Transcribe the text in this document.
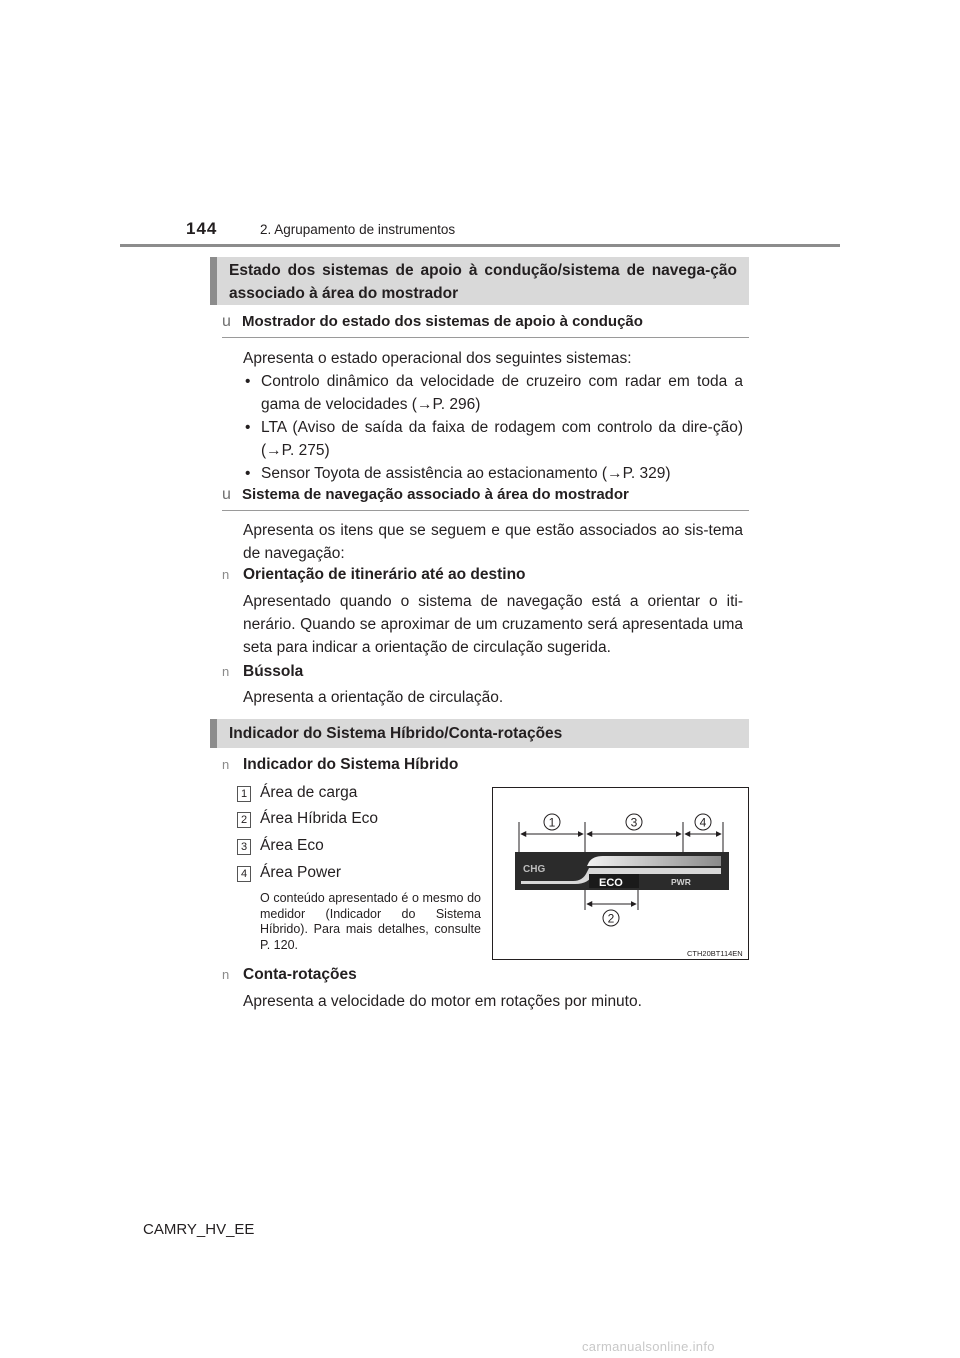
144	2. Agrupamento de instrumentos
Estado dos sistemas de apoio à condução/sistema de navega-ção associado à área do mostrador
u Mostrador do estado dos sistemas de apoio à condução
Apresenta o estado operacional dos seguintes sistemas:
• Controlo dinâmico da velocidade de cruzeiro com radar em toda a gama de velocidades (→P. 296)
• LTA (Aviso de saída da faixa de rodagem com controlo da dire-ção) (→P. 275)
• Sensor Toyota de assistência ao estacionamento (→P. 329)
u Sistema de navegação associado à área do mostrador
Apresenta os itens que se seguem e que estão associados ao sis-tema de navegação:
n Orientação de itinerário até ao destino
Apresentado quando o sistema de navegação está a orientar o iti-nerário. Quando se aproximar de um cruzamento será apresentada uma seta para indicar a orientação de circulação sugerida.
n Bússola
Apresenta a orientação de circulação.
Indicador do Sistema Híbrido/Conta-rotações
n Indicador do Sistema Híbrido
1 Área de carga
2 Área Híbrida Eco
3 Área Eco
4 Área Power
O conteúdo apresentado é o mesmo do medidor (Indicador do Sistema Híbrido). Para mais detalhes, consulte P. 120.
1	3	4
2
CHG
ECO	PWR
CTH20BT114EN
n Conta-rotações
Apresenta a velocidade do motor em rotações por minuto.
CAMRY_HV_EE
carmanualsonline.info
